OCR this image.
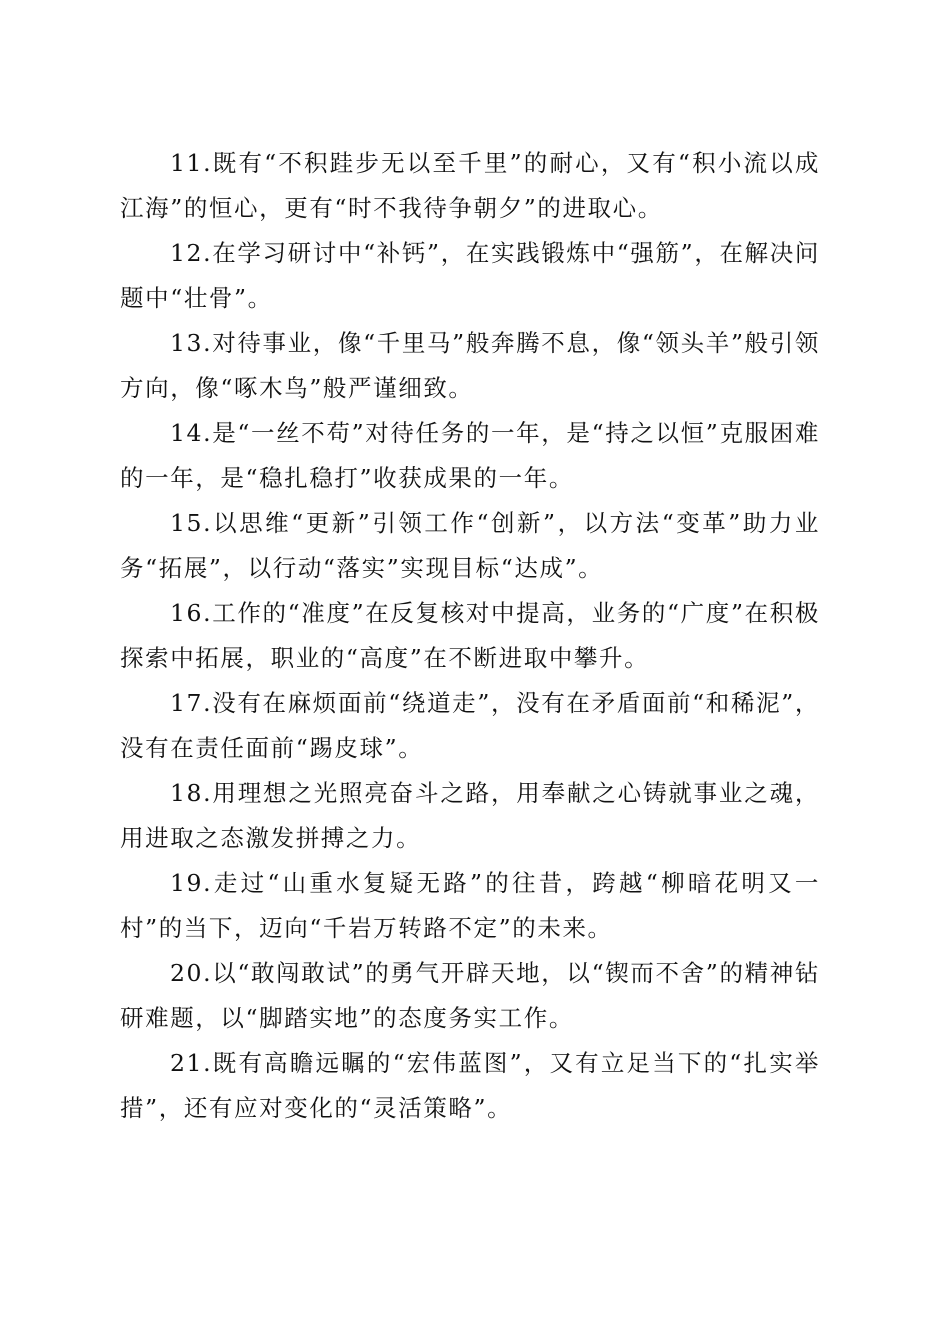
11.既有“不积跬步无以至千里”的耐心，又有“积小流以成江海”的恒心，更有“时不我待争朝夕”的进取心。

12.在学习研讨中“补钙”，在实践锻炼中“强筋”，在解决问题中“壮骨”。

13.对待事业，像“千里马”般奔腾不息，像“领头羊”般引领方向，像“啄木鸟”般严谨细致。

14.是“一丝不苟”对待任务的一年，是“持之以恒”克服困难的一年，是“稳扎稳打”收获成果的一年。

15.以思维“更新”引领工作“创新”，以方法“变革”助力业务“拓展”，以行动“落实”实现目标“达成”。

16.工作的“准度”在反复核对中提高，业务的“广度”在积极探索中拓展，职业的“高度”在不断进取中攀升。

17.没有在麻烦面前“绕道走”，没有在矛盾面前“和稀泥”，没有在责任面前“踢皮球”。

18.用理想之光照亮奋斗之路，用奉献之心铸就事业之魂，用进取之态激发拼搏之力。

19.走过“山重水复疑无路”的往昔，跨越“柳暗花明又一村”的当下，迈向“千岩万转路不定”的未来。

20.以“敢闯敢试”的勇气开辟天地，以“锲而不舍”的精神钻研难题，以“脚踏实地”的态度务实工作。

21.既有高瞻远瞩的“宏伟蓝图”，又有立足当下的“扎实举措”，还有应对变化的“灵活策略”。
